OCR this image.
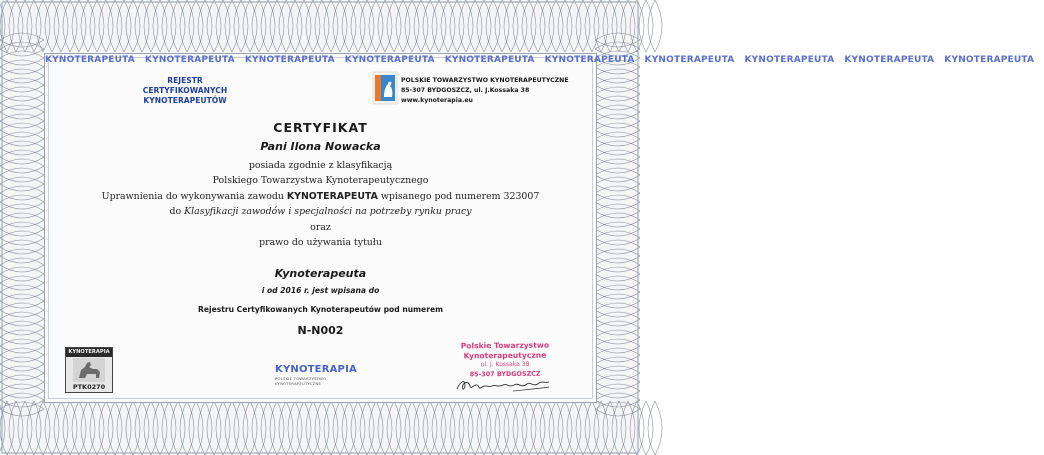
KYNOTERAPEUTA KYNOTERAPEUTA KYNOTERAPEUTA KYNOTERAPEUTA KYNOTERAPEUTA KYNOTERAPEUTA KYNOTERAPEUTA KYNOTERAPEUTA KYNOTERAPEUTA KYNOTERAPEUTA
REJESTR
CERTYFIKOWANYCH
KYNOTERAPEUTÓW
POLSKIE TOWARZYSTWO KYNOTERAPEUTYCZNE
85-307 BYDGOSZCZ, ul. J.Kossaka 38
www.kynoterapia.eu
CERTYFIKAT
Pani Ilona Nowacka
posiada zgodnie z klasyfikacją
Polskiego Towarzystwa Kynoterapeutycznego
Uprawnienia do wykonywania zawodu KYNOTERAPEUTA wpisanego pod numerem 323007
do Klasyfikacji zawodów i specjalności na potrzeby rynku pracy
oraz
prawo do używania tytułu
Kynoterapeuta
i od 2016 r. jest wpisana do
Rejestru Certyfikowanych Kynoterapeutów pod numerem
N-N002
KYNOTERAPIA
PTK0270
KYNOTERAPIA
POLSKIE TOWARZYSTWO KYNOTERAPEUTYCZNE
Polskie Towarzystwo
Kynoterapeutyczne
ul. J. Kossaka 38
85-307 BYDGOSZCZ
